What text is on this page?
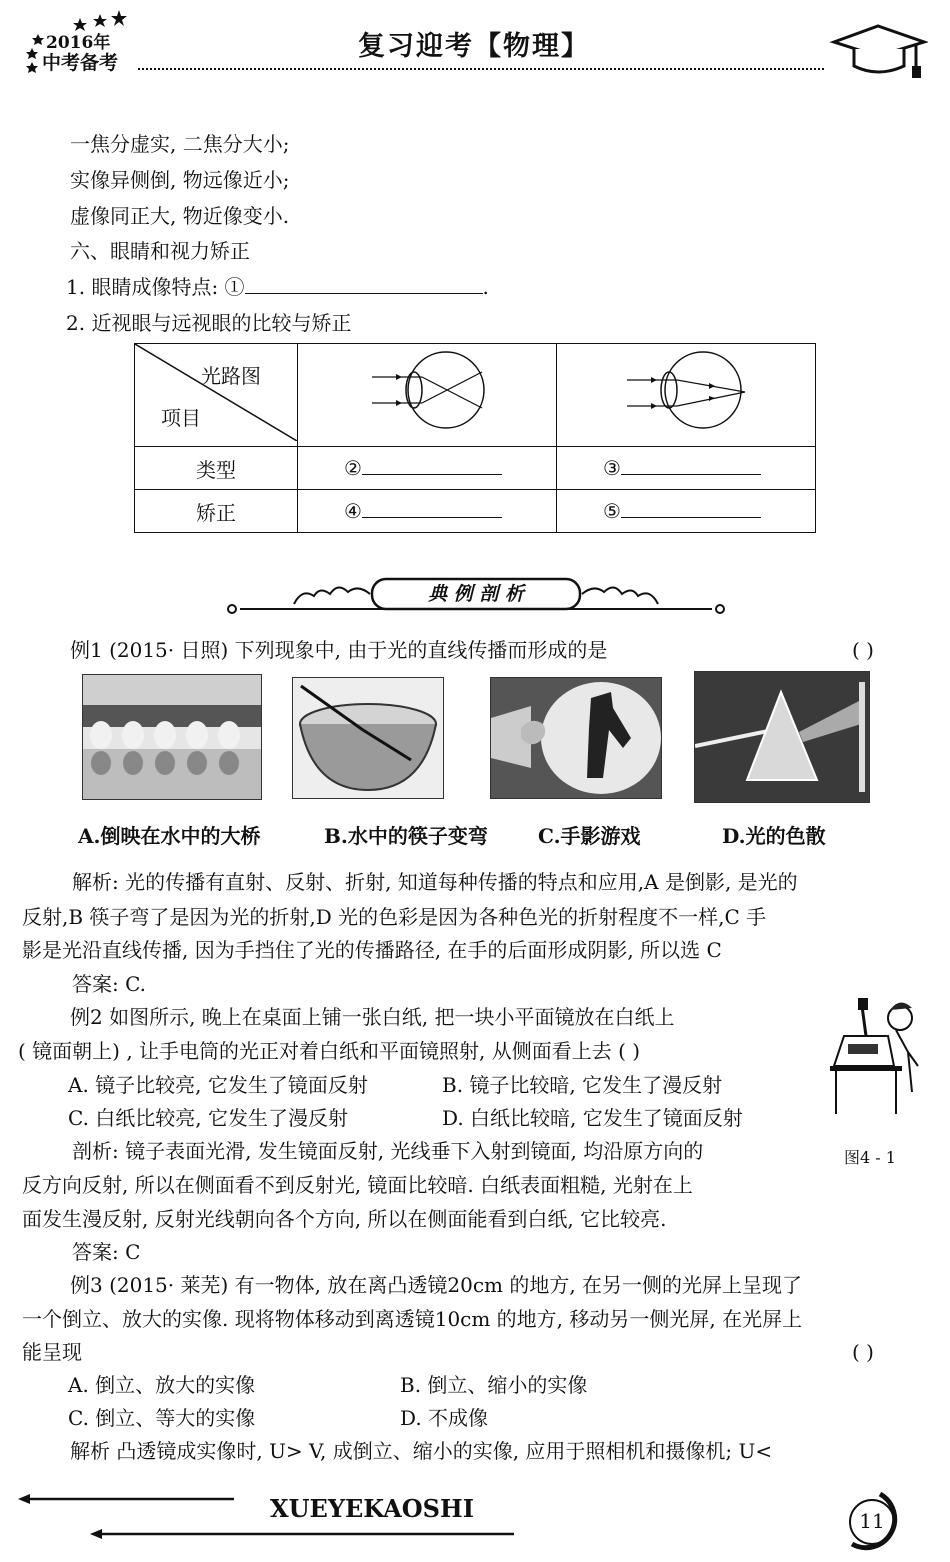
2016年
中考备考
复习迎考【物理】
一焦分虚实, 二焦分大小;
实像异侧倒, 物远像近小;
虚像同正大, 物近像变小.
六、眼睛和视力矫正
1. 眼睛成像特点: ①	.
2. 近视眼与远视眼的比较与矫正
光路图
项目

类型	②	③
矫正	④	⑤
典 例 剖 析
例1 (2015· 日照) 下列现象中, 由于光的直线传播而形成的是	( )
A.倒映在水中的大桥	B.水中的筷子变弯	C.手影游戏	D.光的色散
解析: 光的传播有直射、反射、折射, 知道每种传播的特点和应用,A 是倒影, 是光的
反射,B 筷子弯了是因为光的折射,D 光的色彩是因为各种色光的折射程度不一样,C 手
影是光沿直线传播, 因为手挡住了光的传播路径, 在手的后面形成阴影, 所以选 C
答案: C.
例2 如图所示, 晚上在桌面上铺一张白纸, 把一块小平面镜放在白纸上
( 镜面朝上) , 让手电筒的光正对着白纸和平面镜照射, 从侧面看上去 ( )
A. 镜子比较亮, 它发生了镜面反射	B. 镜子比较暗, 它发生了漫反射
C. 白纸比较亮, 它发生了漫反射	D. 白纸比较暗, 它发生了镜面反射
剖析: 镜子表面光滑, 发生镜面反射, 光线垂下入射到镜面, 均沿原方向的
反方向反射, 所以在侧面看不到反射光, 镜面比较暗. 白纸表面粗糙, 光射在上
面发生漫反射, 反射光线朝向各个方向, 所以在侧面能看到白纸, 它比较亮.
答案: C
图4 - 1
例3 (2015· 莱芜) 有一物体, 放在离凸透镜20cm 的地方, 在另一侧的光屏上呈现了
一个倒立、放大的实像. 现将物体移动到离透镜10cm 的地方, 移动另一侧光屏, 在光屏上
能呈现	( )
A. 倒立、放大的实像	B. 倒立、缩小的实像
C. 倒立、等大的实像	D. 不成像
解析 凸透镜成实像时, U> V, 成倒立、缩小的实像, 应用于照相机和摄像机; U<
XUEYEKAOSHI	11
